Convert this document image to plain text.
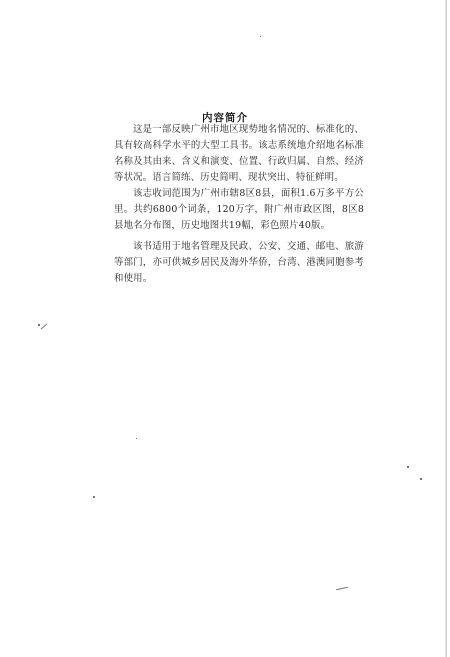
内容简介

这是一部反映广州市地区现势地名情况的、标准化的、具有较高科学水平的大型工具书。该志系统地介绍地名标准名称及其由来、含义和演变、位置、行政归属、自然、经济等状况。语言简练、历史简明、现状突出、特征鲜明。

该志收词范围为广州市辖8区8县，面积1.6万多平方公里。共约6800个词条，120万字，附广州市政区图，8区8县地名分布图，历史地图共19幅，彩色照片40版。

该书适用于地名管理及民政、公安、交通、邮电、旅游等部门，亦可供城乡居民及海外华侨，台湾、港澳同胞参考和使用。
